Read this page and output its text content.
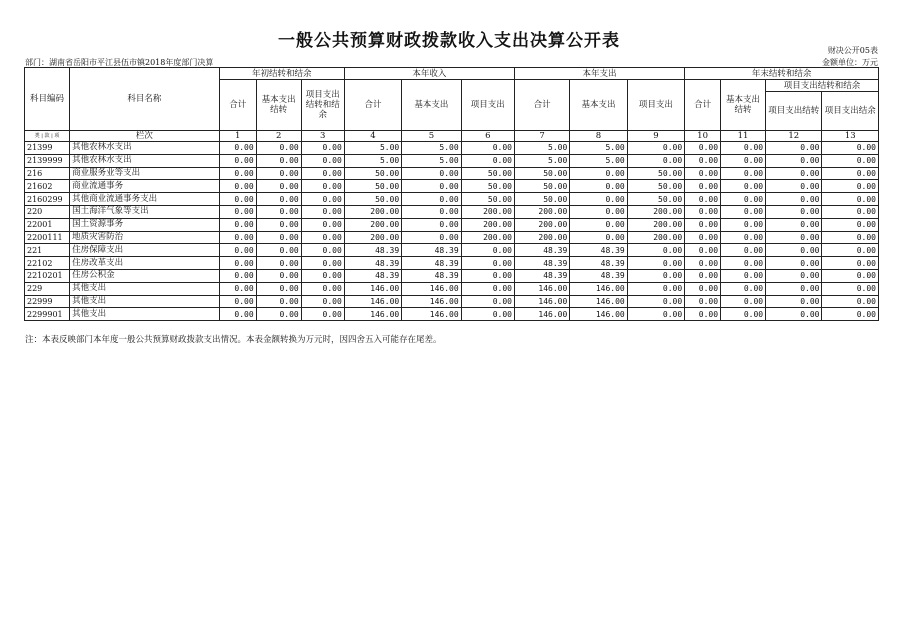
一般公共预算财政拨款收入支出决算公开表	财决公开05表
部门：湖南省岳阳市平江县伍市镇2018年度部门决算	金额单位：万元
科目编码	科目名称	年初结转和结余			本年收入			本年支出			年末结转和结余			
		合计	基本支出结转	项目支出结转和结余	合计	基本支出	项目支出	合计	基本支出	项目支出	合计	基本支出结转	项目支出结转和结余	
													项目支出结转	项目支出结余
类 | 款 | 项	栏次	1	2	3	4	5	6	7	8	9	10	11	12	13
21399	其他农林水支出	0.00	0.00	0.00	5.00	5.00	0.00	5.00	5.00	0.00	0.00	0.00	0.00	0.00
2139999	其他农林水支出	0.00	0.00	0.00	5.00	5.00	0.00	5.00	5.00	0.00	0.00	0.00	0.00	0.00
216	商业服务业等支出	0.00	0.00	0.00	50.00	0.00	50.00	50.00	0.00	50.00	0.00	0.00	0.00	0.00
21602	商业流通事务	0.00	0.00	0.00	50.00	0.00	50.00	50.00	0.00	50.00	0.00	0.00	0.00	0.00
2160299	其他商业流通事务支出	0.00	0.00	0.00	50.00	0.00	50.00	50.00	0.00	50.00	0.00	0.00	0.00	0.00
220	国土海洋气象等支出	0.00	0.00	0.00	200.00	0.00	200.00	200.00	0.00	200.00	0.00	0.00	0.00	0.00
22001	国土资源事务	0.00	0.00	0.00	200.00	0.00	200.00	200.00	0.00	200.00	0.00	0.00	0.00	0.00
2200111	地质灾害防治	0.00	0.00	0.00	200.00	0.00	200.00	200.00	0.00	200.00	0.00	0.00	0.00	0.00
221	住房保障支出	0.00	0.00	0.00	48.39	48.39	0.00	48.39	48.39	0.00	0.00	0.00	0.00	0.00
22102	住房改革支出	0.00	0.00	0.00	48.39	48.39	0.00	48.39	48.39	0.00	0.00	0.00	0.00	0.00
2210201	住房公积金	0.00	0.00	0.00	48.39	48.39	0.00	48.39	48.39	0.00	0.00	0.00	0.00	0.00
229	其他支出	0.00	0.00	0.00	146.00	146.00	0.00	146.00	146.00	0.00	0.00	0.00	0.00	0.00
22999	其他支出	0.00	0.00	0.00	146.00	146.00	0.00	146.00	146.00	0.00	0.00	0.00	0.00	0.00
2299901	其他支出	0.00	0.00	0.00	146.00	146.00	0.00	146.00	146.00	0.00	0.00	0.00	0.00	0.00
注：本表反映部门本年度一般公共预算财政拨款支出情况。本表金额转换为万元时，因四舍五入可能存在尾差。
